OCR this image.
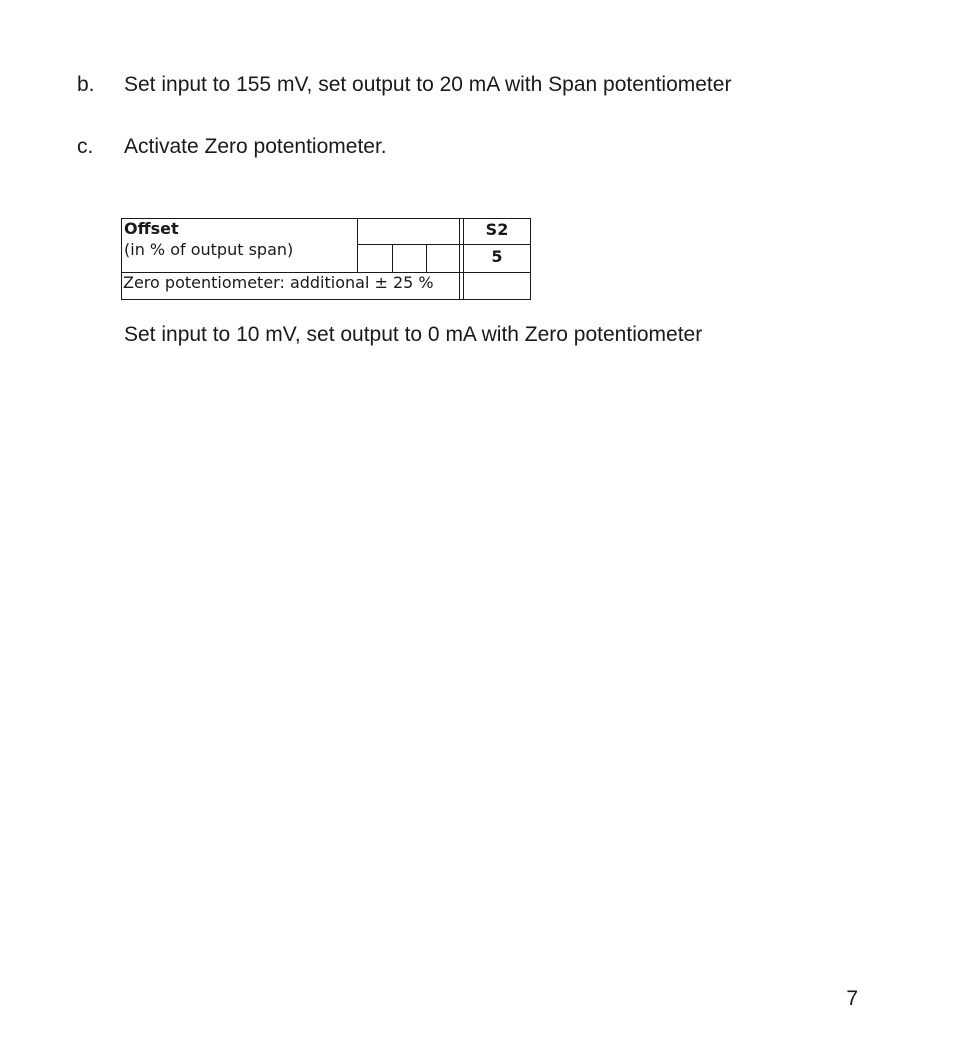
b. Set input to 155 mV, set output to 20 mA with Span potentiometer
c. Activate Zero potentiometer.
Offset
(in % of output span)
Zero potentiometer: additional ± 25 %
S2
5
Set input to 10 mV, set output to 0 mA with Zero potentiometer
7
